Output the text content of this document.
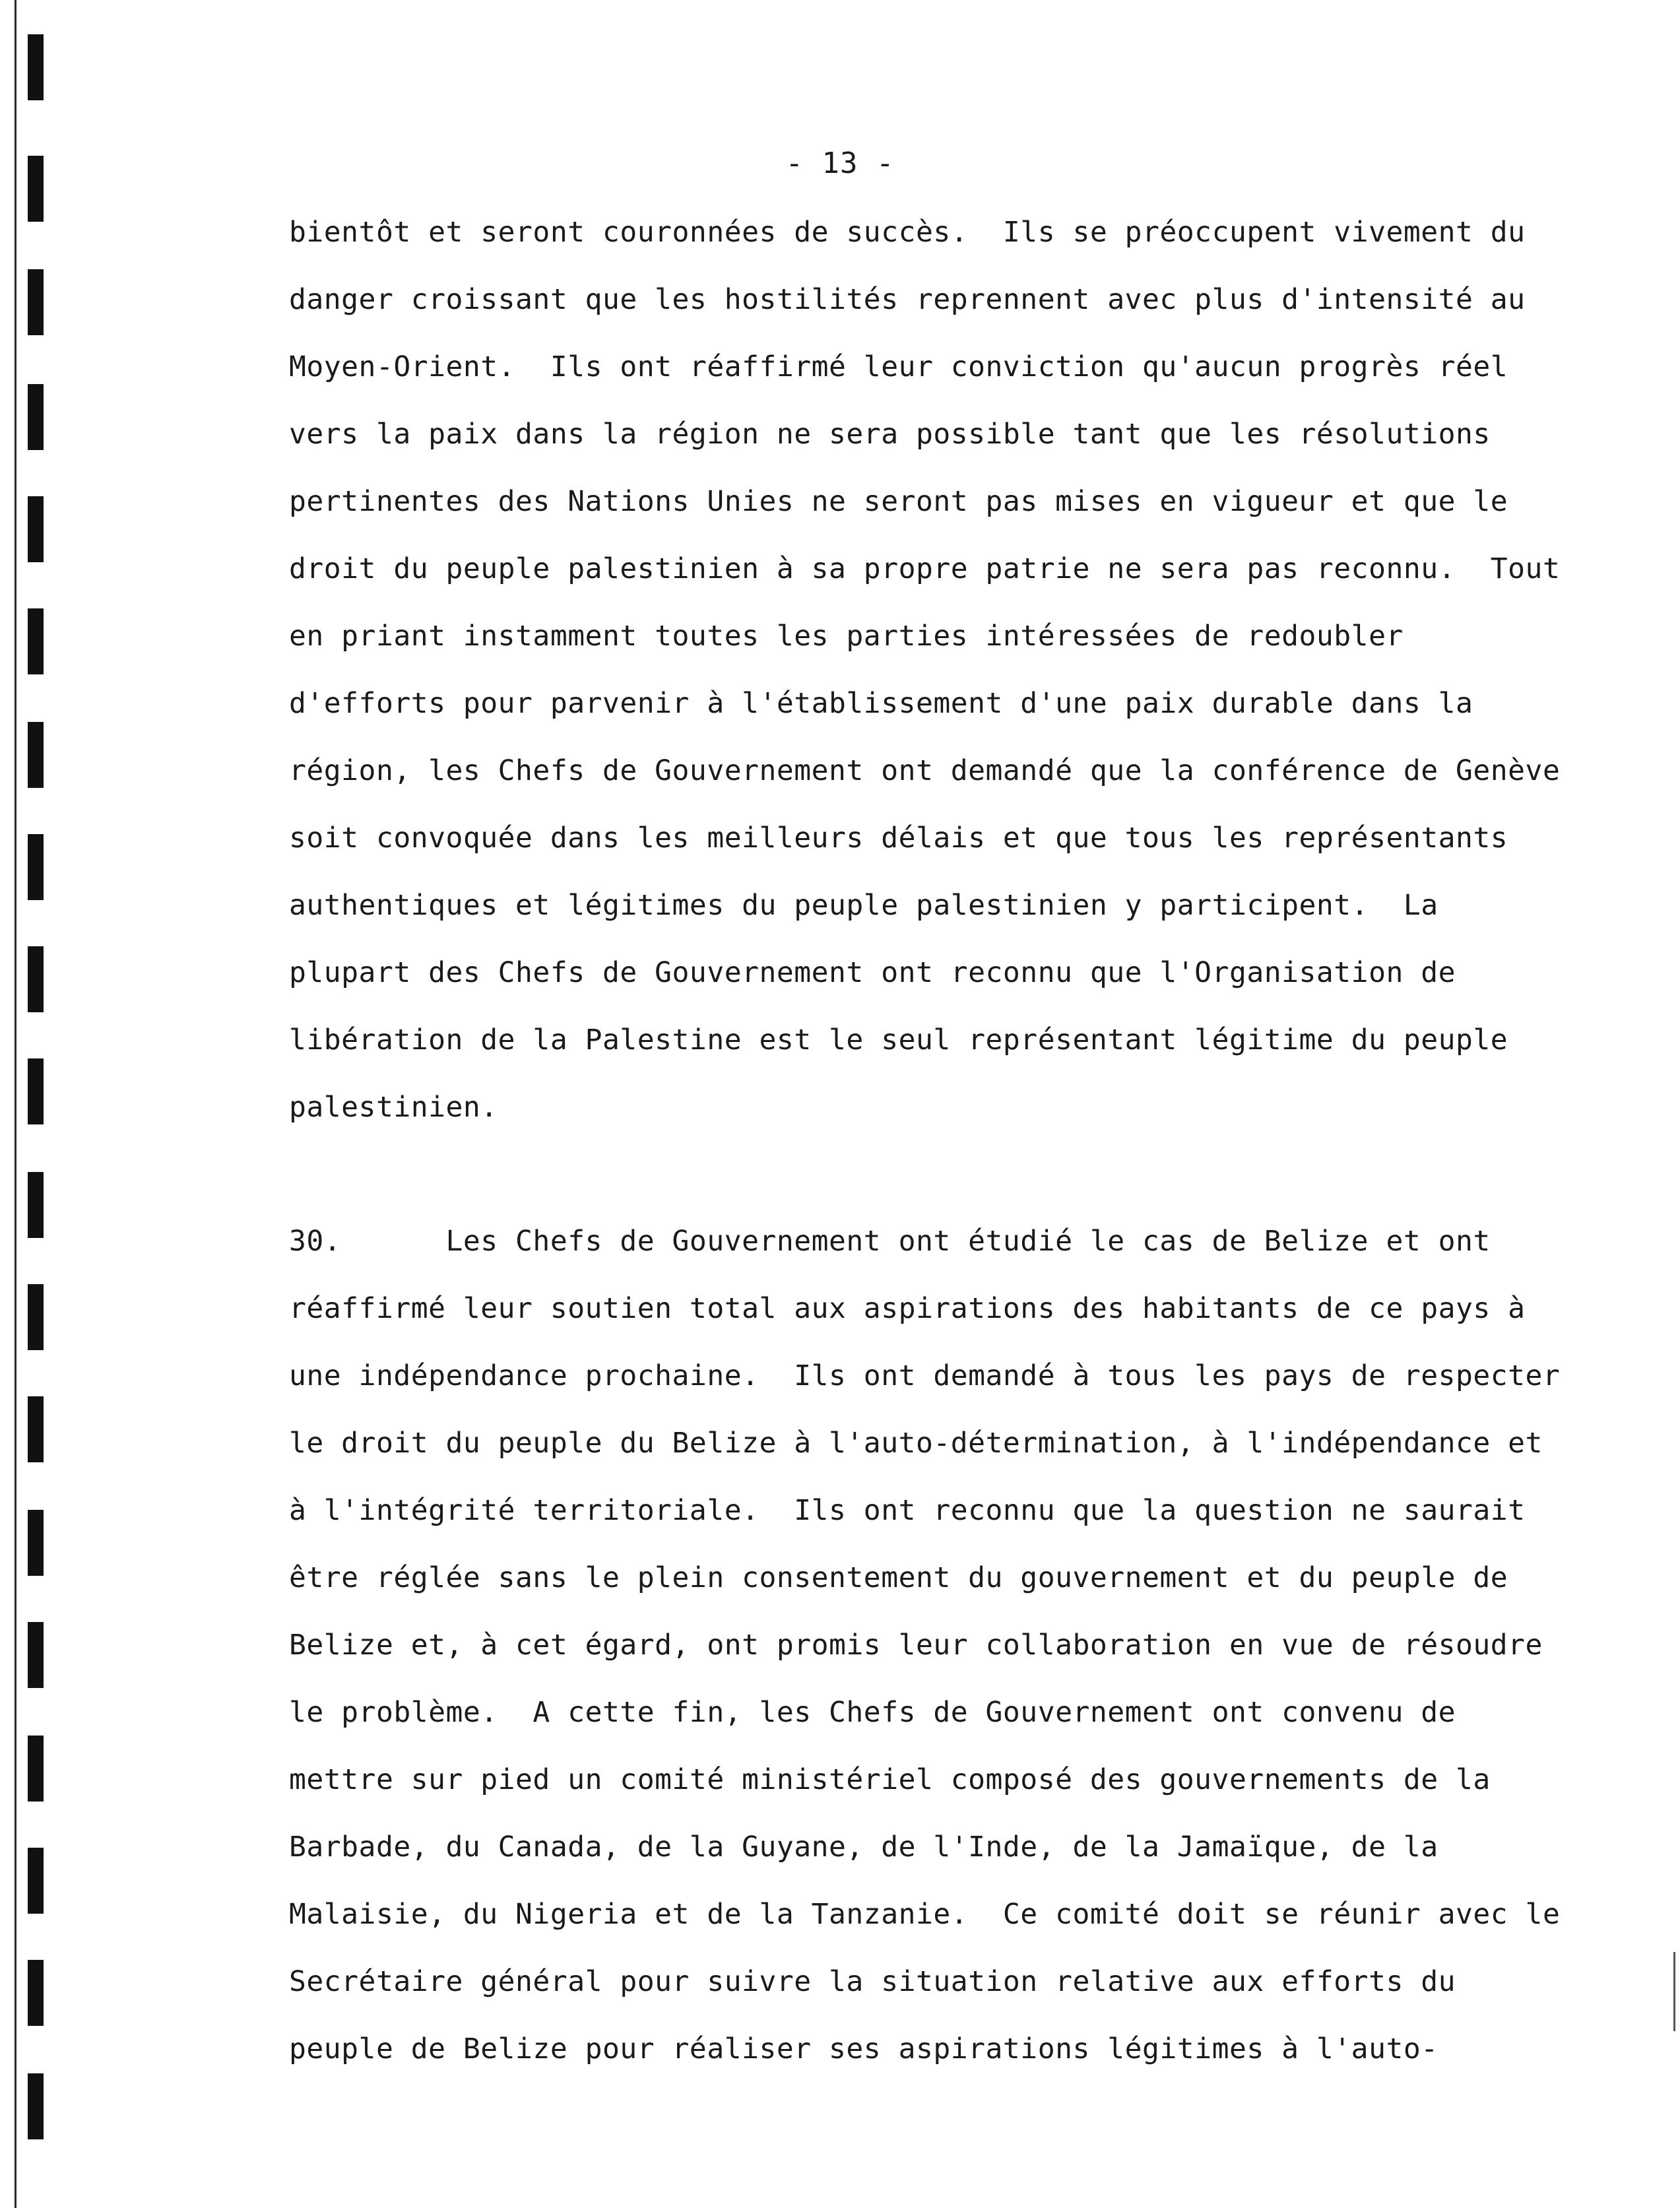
- 13 -
bientôt et seront couronnées de succès.  Ils se préoccupent vivement du
danger croissant que les hostilités reprennent avec plus d'intensité au
Moyen-Orient.  Ils ont réaffirmé leur conviction qu'aucun progrès réel
vers la paix dans la région ne sera possible tant que les résolutions
pertinentes des Nations Unies ne seront pas mises en vigueur et que le
droit du peuple palestinien à sa propre patrie ne sera pas reconnu.  Tout
en priant instamment toutes les parties intéressées de redoubler
d'efforts pour parvenir à l'établissement d'une paix durable dans la
région, les Chefs de Gouvernement ont demandé que la conférence de Genève
soit convoquée dans les meilleurs délais et que tous les représentants
authentiques et légitimes du peuple palestinien y participent.  La
plupart des Chefs de Gouvernement ont reconnu que l'Organisation de
libération de la Palestine est le seul représentant légitime du peuple
palestinien.
30.      Les Chefs de Gouvernement ont étudié le cas de Belize et ont
réaffirmé leur soutien total aux aspirations des habitants de ce pays à
une indépendance prochaine.  Ils ont demandé à tous les pays de respecter
le droit du peuple du Belize à l'auto-détermination, à l'indépendance et
à l'intégrité territoriale.  Ils ont reconnu que la question ne saurait
être réglée sans le plein consentement du gouvernement et du peuple de
Belize et, à cet égard, ont promis leur collaboration en vue de résoudre
le problème.  A cette fin, les Chefs de Gouvernement ont convenu de
mettre sur pied un comité ministériel composé des gouvernements de la
Barbade, du Canada, de la Guyane, de l'Inde, de la Jamaïque, de la
Malaisie, du Nigeria et de la Tanzanie.  Ce comité doit se réunir avec le
Secrétaire général pour suivre la situation relative aux efforts du
peuple de Belize pour réaliser ses aspirations légitimes à l'auto-
